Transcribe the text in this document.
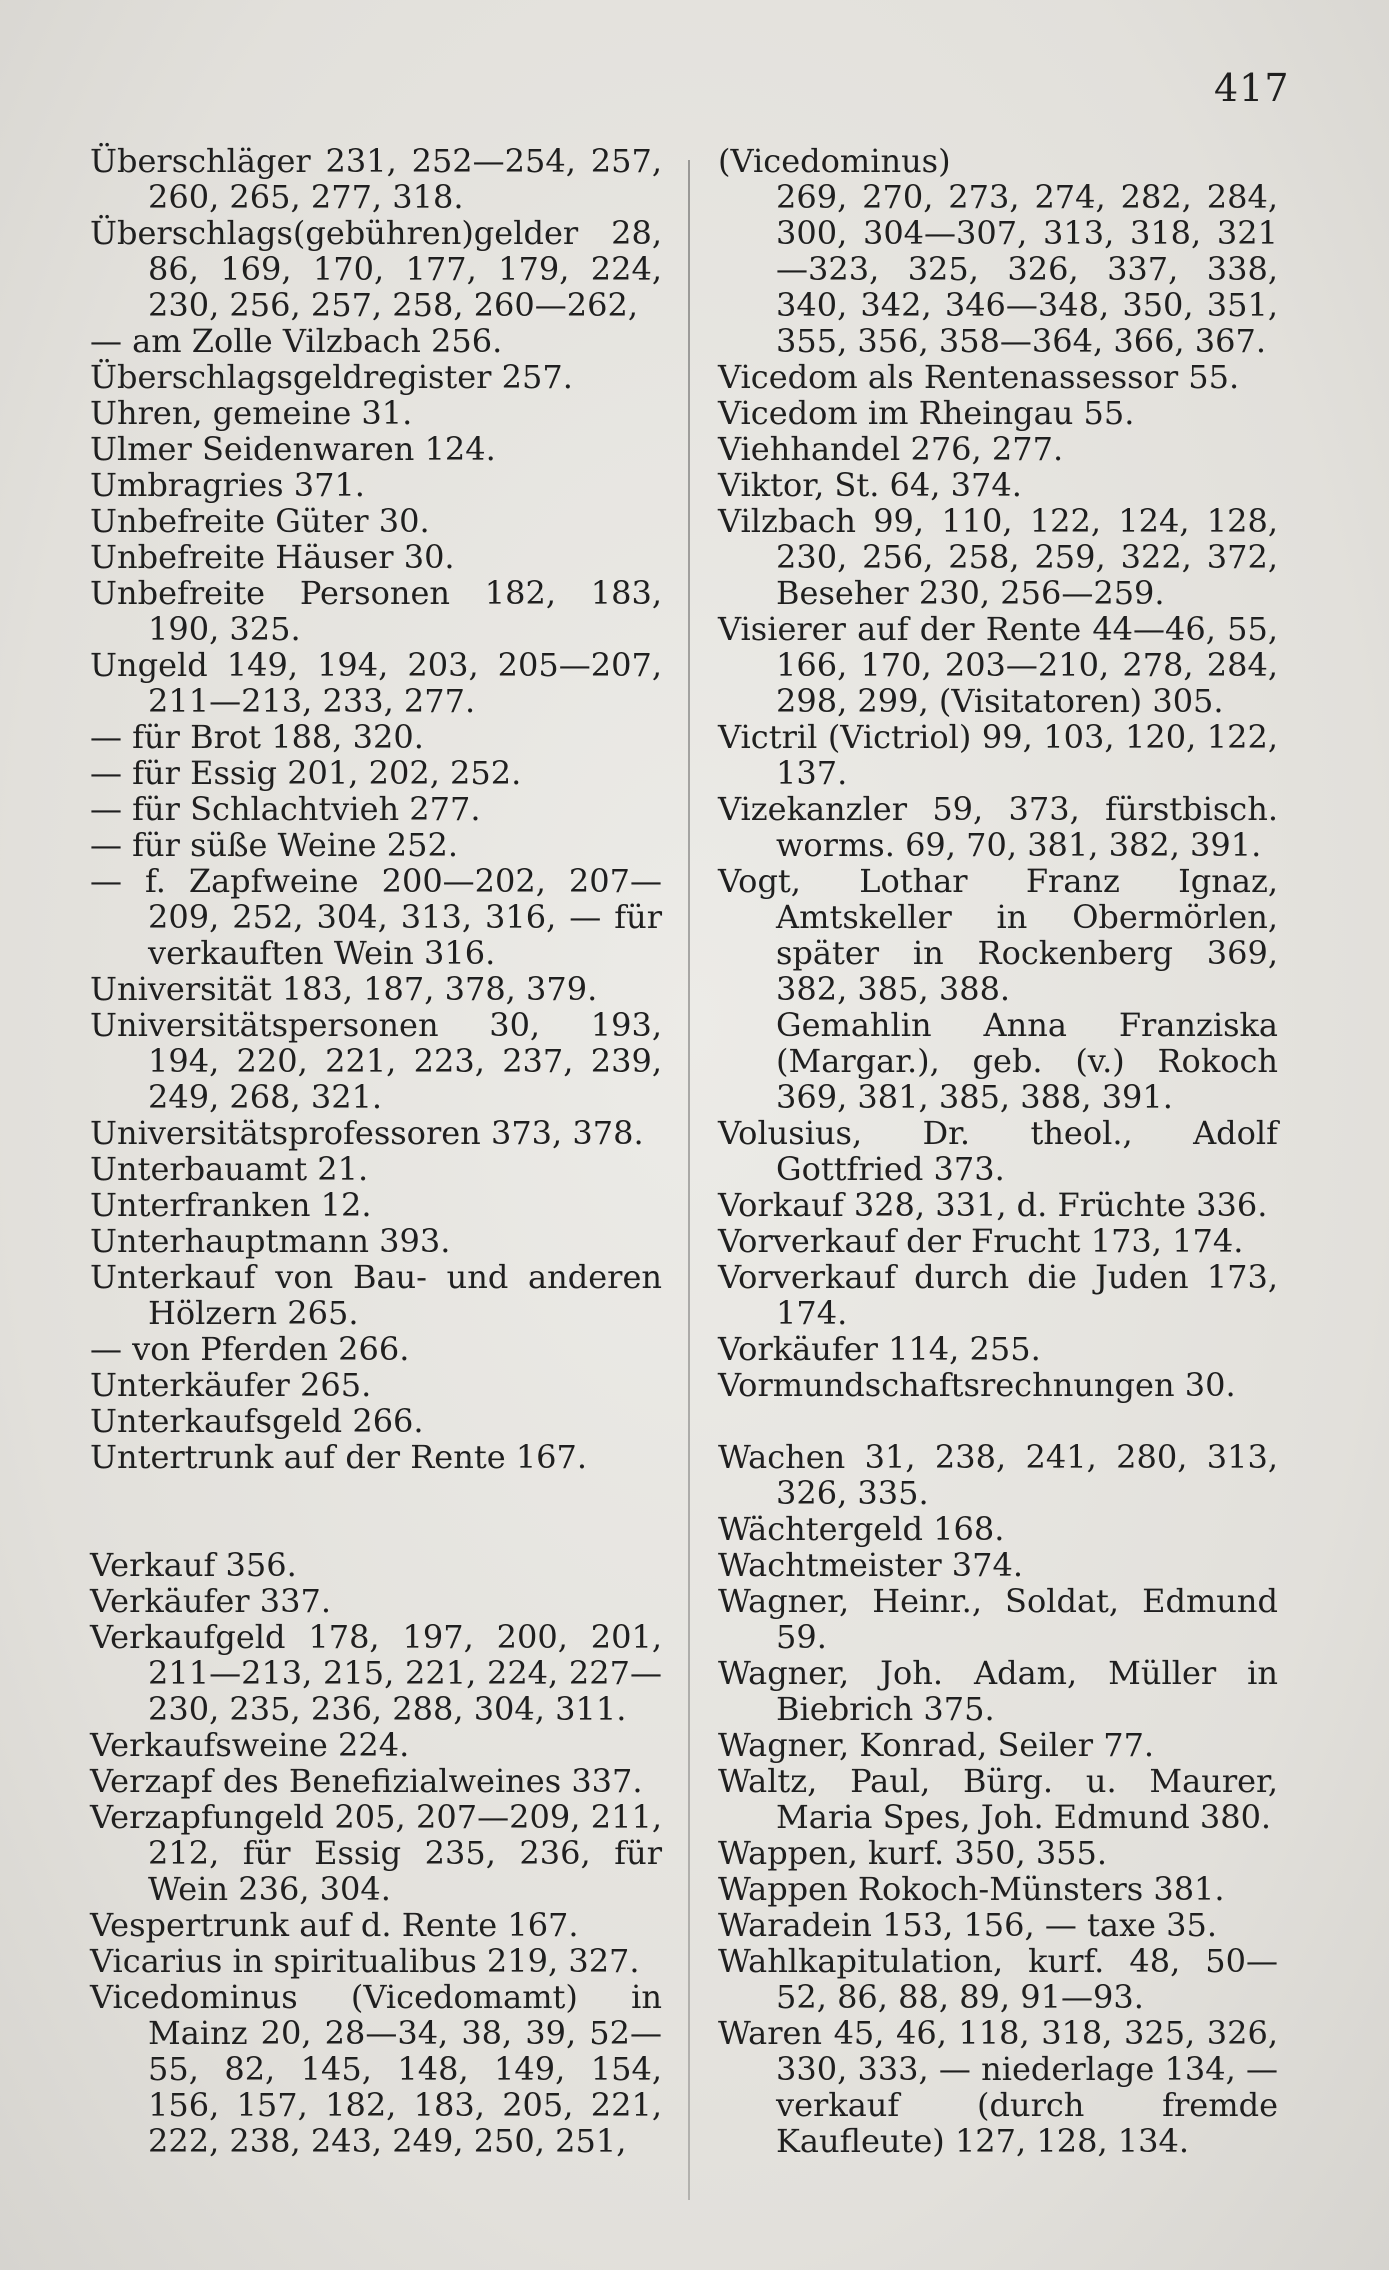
417
Überschläger 231, 252—254, 257, 260, 265, 277, 318.
Überschlags(gebühren)gelder 28, 86, 169, 170, 177, 179, 224, 230, 256, 257, 258, 260—262,
— am Zolle Vilzbach 256.
Überschlagsgeldregister 257.
Uhren, gemeine 31.
Ulmer Seidenwaren 124.
Umbragries 371.
Unbefreite Güter 30.
Unbefreite Häuser 30.
Unbefreite Personen 182, 183, 190, 325.
Ungeld 149, 194, 203, 205—207, 211—213, 233, 277.
— für Brot 188, 320.
— für Essig 201, 202, 252.
— für Schlachtvieh 277.
— für süße Weine 252.
— f. Zapfweine 200—202, 207—209, 252, 304, 313, 316, — für verkauften Wein 316.
Universität 183, 187, 378, 379.
Universitätspersonen 30, 193, 194, 220, 221, 223, 237, 239, 249, 268, 321.
Universitätsprofessoren 373, 378.
Unterbauamt 21.
Unterfranken 12.
Unterhauptmann 393.
Unterkauf von Bau- und anderen Hölzern 265.
— von Pferden 266.
Unterkäufer 265.
Unterkaufsgeld 266.
Untertrunk auf der Rente 167.
Verkauf 356.
Verkäufer 337.
Verkaufgeld 178, 197, 200, 201, 211—213, 215, 221, 224, 227—230, 235, 236, 288, 304, 311.
Verkaufsweine 224.
Verzapf des Benefizialweines 337.
Verzapfungeld 205, 207—209, 211, 212, für Essig 235, 236, für Wein 236, 304.
Vespertrunk auf d. Rente 167.
Vicarius in spiritualibus 219, 327.
Vicedominus (Vicedomamt) in Mainz 20, 28—34, 38, 39, 52—55, 82, 145, 148, 149, 154, 156, 157, 182, 183, 205, 221, 222, 238, 243, 249, 250, 251,
(Vicedominus)
269, 270, 273, 274, 282, 284, 300, 304—307, 313, 318, 321—323, 325, 326, 337, 338, 340, 342, 346—348, 350, 351, 355, 356, 358—364, 366, 367.
Vicedom als Rentenassessor 55.
Vicedom im Rheingau 55.
Viehhandel 276, 277.
Viktor, St. 64, 374.
Vilzbach 99, 110, 122, 124, 128, 230, 256, 258, 259, 322, 372, Beseher 230, 256—259.
Visierer auf der Rente 44—46, 55, 166, 170, 203—210, 278, 284, 298, 299, (Visitatoren) 305.
Victril (Victriol) 99, 103, 120, 122, 137.
Vizekanzler 59, 373, fürstbisch. worms. 69, 70, 381, 382, 391.
Vogt, Lothar Franz Ignaz, Amtskeller in Obermörlen, später in Rockenberg 369, 382, 385, 388.
Gemahlin Anna Franziska (Margar.), geb. (v.) Rokoch 369, 381, 385, 388, 391.
Volusius, Dr. theol., Adolf Gottfried 373.
Vorkauf 328, 331, d. Früchte 336.
Vorverkauf der Frucht 173, 174.
Vorverkauf durch die Juden 173, 174.
Vorkäufer 114, 255.
Vormundschaftsrechnungen 30.
Wachen 31, 238, 241, 280, 313, 326, 335.
Wächtergeld 168.
Wachtmeister 374.
Wagner, Heinr., Soldat, Edmund 59.
Wagner, Joh. Adam, Müller in Biebrich 375.
Wagner, Konrad, Seiler 77.
Waltz, Paul, Bürg. u. Maurer, Maria Spes, Joh. Edmund 380.
Wappen, kurf. 350, 355.
Wappen Rokoch-Münsters 381.
Waradein 153, 156, — taxe 35.
Wahlkapitulation, kurf. 48, 50—52, 86, 88, 89, 91—93.
Waren 45, 46, 118, 318, 325, 326, 330, 333, — niederlage 134, — verkauf (durch fremde Kaufleute) 127, 128, 134.
